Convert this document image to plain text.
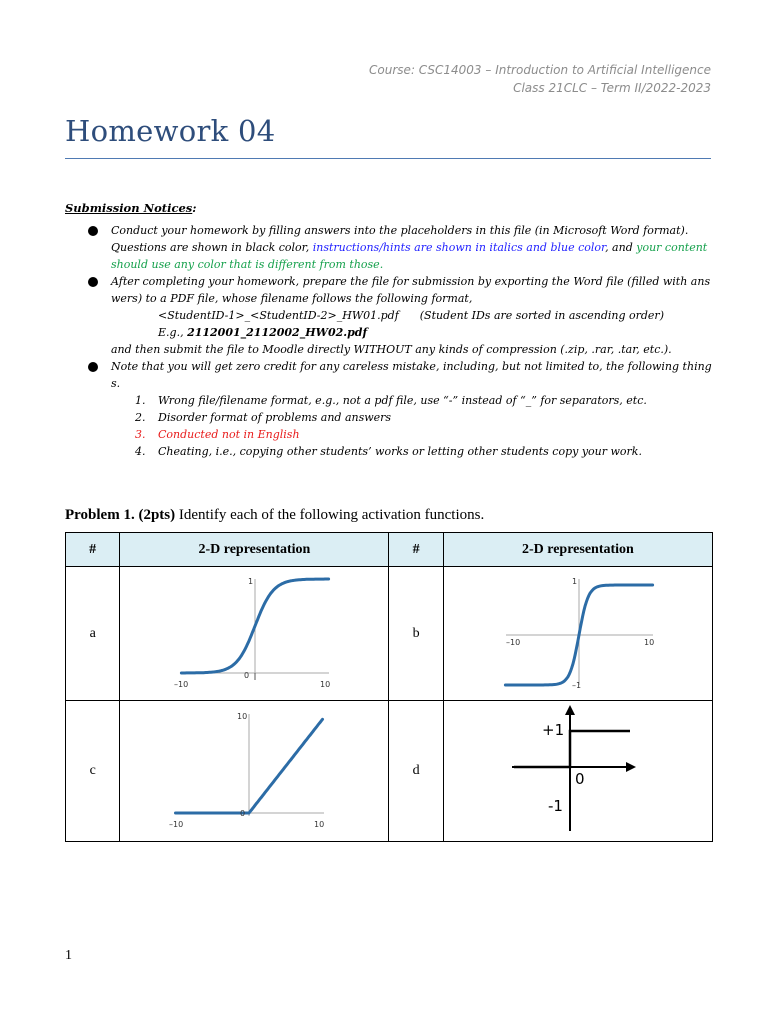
Course: CSC14003 – Introduction to Artificial Intelligence
Class 21CLC – Term II/2022-2023
Homework 04
Submission Notices:
Conduct your homework by filling answers into the placeholders in this file (in Microsoft Word format).
Questions are shown in black color, instructions/hints are shown in italics and blue color, and your content
should use any color that is different from those.
After completing your homework, prepare the file for submission by exporting the Word file (filled with ans
wers) to a PDF file, whose filename follows the following format,
<StudentID-1>_<StudentID-2>_HW01.pdf      (Student IDs are sorted in ascending order)
E.g., 2112001_2112002_HW02.pdf
and then submit the file to Moodle directly WITHOUT any kinds of compression (.zip, .rar, .tar, etc.).
Note that you will get zero credit for any careless mistake, including, but not limited to, the following thing
s.
1. Wrong file/filename format, e.g., not a pdf file, use “-” instead of “_” for separators, etc.
2. Disorder format of problems and answers
3. Conducted not in English
4. Cheating, i.e., copying other students’ works or letting other students copy your work.
Problem 1. (2pts) Identify each of the following activation functions.
#	2-D representation	#	2-D representation
a	1
0
–10 10	b	1
–1
–10 10

c	10
0
–10 10	d	+1
0
-1
1
